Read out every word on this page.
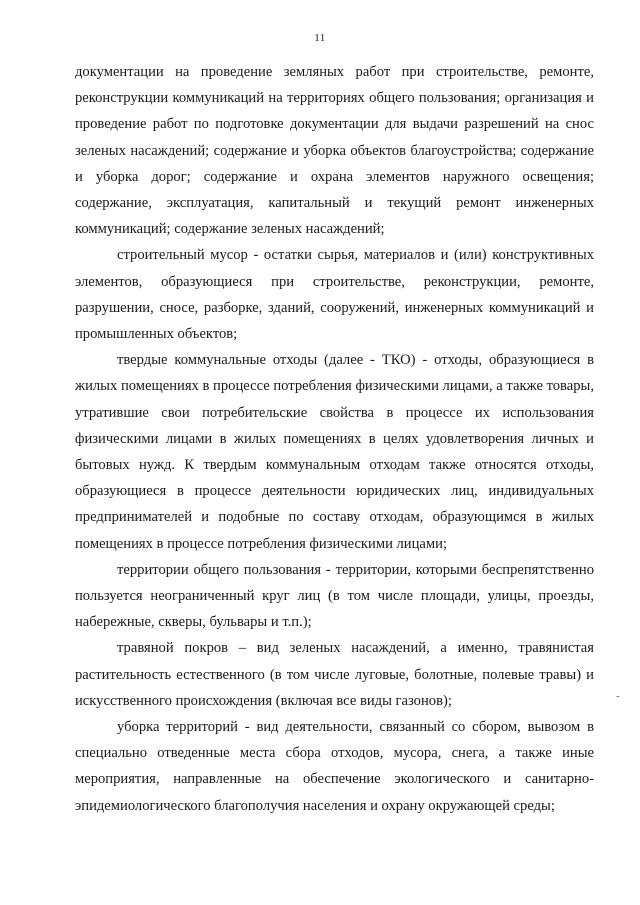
11

документации на проведение земляных работ при строительстве, ремонте, реконструкции коммуникаций на территориях общего пользования; организация и проведение работ по подготовке документации для выдачи разрешений на снос зеленых насаждений; содержание и уборка объектов благоустройства; содержание и уборка дорог; содержание и охрана элементов наружного освещения; содержание, эксплуатация, капитальный и текущий ремонт инженерных коммуникаций; содержание зеленых насаждений;

строительный мусор - остатки сырья, материалов и (или) конструктивных элементов, образующиеся при строительстве, реконструкции, ремонте, разрушении, сносе, разборке, зданий, сооружений, инженерных коммуникаций и промышленных объектов;

твердые коммунальные отходы (далее - ТКО) - отходы, образующиеся в жилых помещениях в процессе потребления физическими лицами, а также товары, утратившие свои потребительские свойства в процессе их использования физическими лицами в жилых помещениях в целях удовлетворения личных и бытовых нужд. К твердым коммунальным отходам также относятся отходы, образующиеся в процессе деятельности юридических лиц, индивидуальных предпринимателей и подобные по составу отходам, образующимся в жилых помещениях в процессе потребления физическими лицами;

территории общего пользования - территории, которыми беспрепятственно пользуется неограниченный круг лиц (в том числе площади, улицы, проезды, набережные, скверы, бульвары и т.п.);

травяной покров – вид зеленых насаждений, а именно, травянистая растительность естественного (в том числе луговые, болотные, полевые травы) и искусственного происхождения (включая все виды газонов);

уборка территорий - вид деятельности, связанный со сбором, вывозом в специально отведенные места сбора отходов, мусора, снега, а также иные мероприятия, направленные на обеспечение экологического и санитарно-эпидемиологического благополучия населения и охрану окружающей среды;

-
